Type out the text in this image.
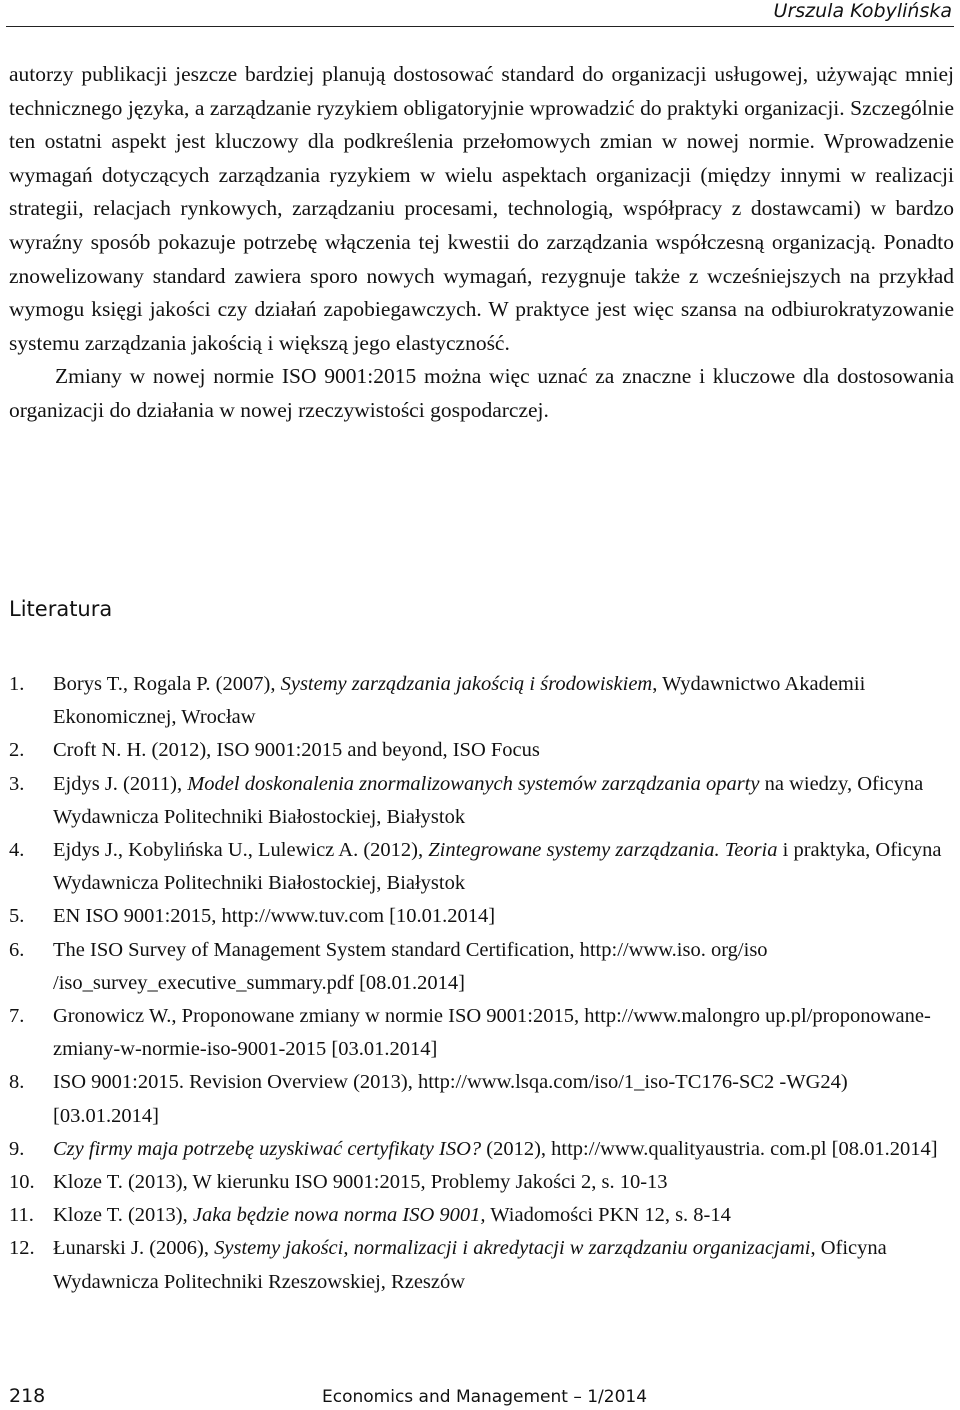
Urszula Kobylińska

autorzy publikacji jeszcze bardziej planują dostosować standard do organizacji usługowej, używając mniej technicznego języka, a zarządzanie ryzykiem obligatoryjnie wprowadzić do praktyki organizacji. Szczególnie ten ostatni aspekt jest kluczowy dla podkreślenia przełomowych zmian w nowej normie. Wprowadzenie wymagań dotyczących zarządzania ryzykiem w wielu aspektach organizacji (między innymi w realizacji strategii, relacjach rynkowych, zarządzaniu procesami, technologią, współpracy z dostawcami) w bardzo wyraźny sposób pokazuje potrzebę włączenia tej kwestii do zarządzania współczesną organizacją. Ponadto znowelizowany standard zawiera sporo nowych wymagań, rezygnuje także z wcześniejszych na przykład wymogu księgi jakości czy działań zapobiegawczych. W praktyce jest więc szansa na odbiurokratyzowanie systemu zarządzania jakością i większą jego elastyczność.

Zmiany w nowej normie ISO 9001:2015 można więc uznać za znaczne i kluczowe dla dostosowania organizacji do działania w nowej rzeczywistości gospodarczej.

Literatura
1. Borys T., Rogala P. (2007), Systemy zarządzania jakością i środowiskiem, Wydawnictwo Akademii Ekonomicznej, Wrocław
2. Croft N. H. (2012), ISO 9001:2015 and beyond, ISO Focus
3. Ejdys J. (2011), Model doskonalenia znormalizowanych systemów zarządzania oparty na wiedzy, Oficyna Wydawnicza Politechniki Białostockiej, Białystok
4. Ejdys J., Kobylińska U., Lulewicz A. (2012), Zintegrowane systemy zarządzania. Teoria i praktyka, Oficyna Wydawnicza Politechniki Białostockiej, Białystok
5. EN ISO 9001:2015, http://www.tuv.com [10.01.2014]
6. The ISO Survey of Management System standard Certification, http://www.iso. org/iso /iso_survey_executive_summary.pdf [08.01.2014]
7. Gronowicz W., Proponowane zmiany w normie ISO 9001:2015, http://www.malongro up.pl/proponowane-zmiany-w-normie-iso-9001-2015 [03.01.2014]
8. ISO 9001:2015. Revision Overview (2013), http://www.lsqa.com/iso/1_iso-TC176-SC2 -WG24) [03.01.2014]
9. Czy firmy maja potrzebę uzyskiwać certyfikaty ISO? (2012), http://www.qualityaustria. com.pl [08.01.2014]
10. Kloze T. (2013), W kierunku ISO 9001:2015, Problemy Jakości 2, s. 10-13
11. Kloze T. (2013), Jaka będzie nowa norma ISO 9001, Wiadomości PKN 12, s. 8-14
12. Łunarski J. (2006), Systemy jakości, normalizacji i akredytacji w zarządzaniu organizacjami, Oficyna Wydawnicza Politechniki Rzeszowskiej, Rzeszów
218	Economics and Management – 1/2014
